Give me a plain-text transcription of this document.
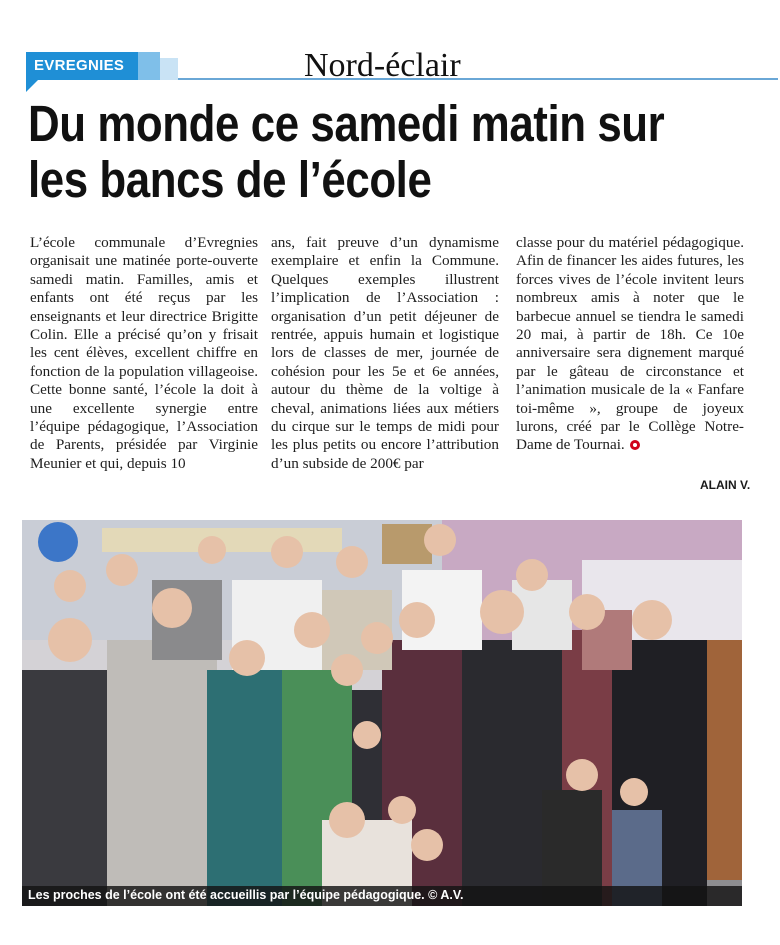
EVREGNIES	Nord-éclair
Du monde ce samedi matin sur les bancs de l’école
L’école communale d’Evregnies organisait une matinée porte-ouverte samedi matin. Familles, amis et enfants ont été reçus par les enseignants et leur directrice Brigitte Colin. Elle a précisé qu’on y frisait les cent élèves, excellent chiffre en fonction de la population villageoise. Cette bonne santé, l’école la doit à une excellente synergie entre l’équipe pédagogique, l’Association de Parents, présidée par Virginie Meunier et qui, depuis 10
ans, fait preuve d’un dynamisme exemplaire et enfin la Commune. Quelques exemples illustrent l’implication de l’Association : organisation d’un petit déjeuner de rentrée, appuis humain et logistique lors de classes de mer, journée de cohésion pour les 5e et 6e années, autour du thème de la voltige à cheval, animations liées aux métiers du cirque sur le temps de midi pour les plus petits ou encore l’attribution d’un subside de 200€ par
classe pour du matériel pédagogique. Afin de financer les aides futures, les forces vives de l’école invitent leurs nombreux amis à noter que le barbecue annuel se tiendra le samedi 20 mai, à partir de 18h. Ce 10e anniversaire sera dignement marqué par le gâteau de circonstance et l’animation musicale de la « Fanfare toi-même », groupe de joyeux lurons, créé par le Collège Notre-Dame de Tournai.
ALAIN V.
Les proches de l’école ont été accueillis par l’équipe pédagogique. © A.V.
